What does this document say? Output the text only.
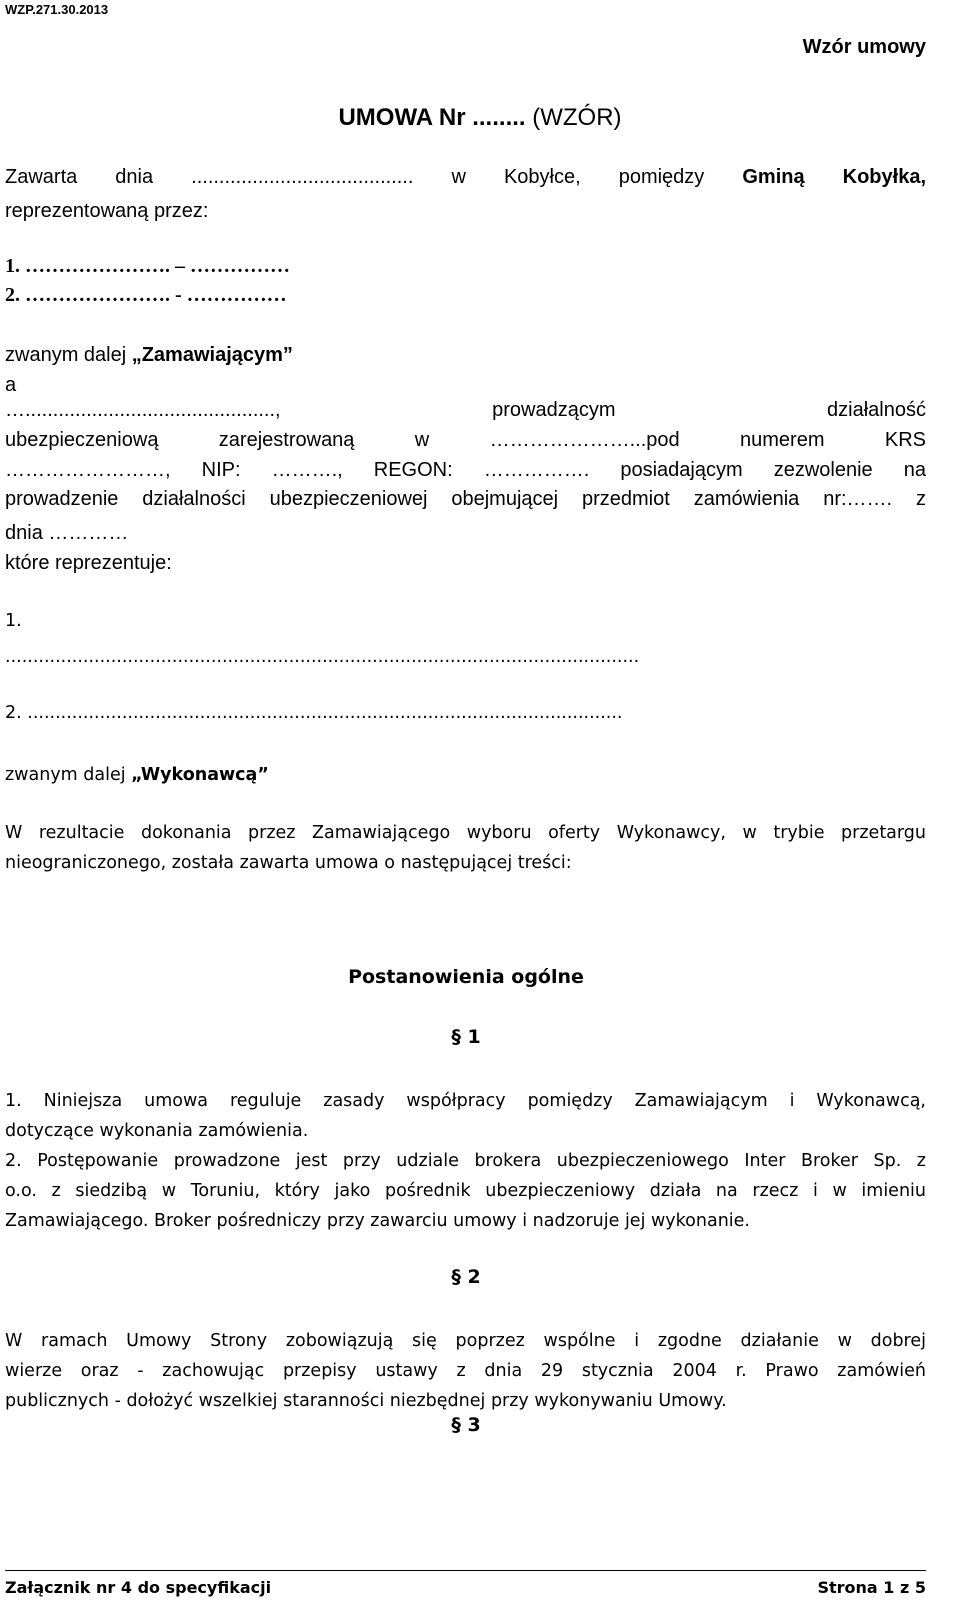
WZP.271.30.2013
Wzór umowy
UMOWA Nr ........ (WZÓR)
Zawarta dnia ........................................ w Kobyłce, pomiędzy Gminą Kobyłka,
reprezentowaną przez:
1. …………………. – ……………
2. …………………. - ……………
zwanym dalej „Zamawiającym”
a
…............................................., prowadzącym działalność
ubezpieczeniową zarejestrowaną w …………………...pod numerem KRS
……………………, NIP: ………., REGON: ……………. posiadającym zezwolenie na
prowadzenie działalności ubezpieczeniowej obejmującej przedmiot zamówienia nr:……. z
dnia …………
które reprezentuje:
1.
..................................................................................................................
2. ...........................................................................................................
zwanym dalej „Wykonawcą”
W rezultacie dokonania przez Zamawiającego wyboru oferty Wykonawcy, w trybie przetargu
nieograniczonego, została zawarta umowa o następującej treści:
Postanowienia ogólne
§ 1
1. Niniejsza umowa reguluje zasady współpracy pomiędzy Zamawiającym i Wykonawcą,
dotyczące wykonania zamówienia.
2. Postępowanie prowadzone jest przy udziale brokera ubezpieczeniowego Inter Broker Sp. z
o.o. z siedzibą w Toruniu, który jako pośrednik ubezpieczeniowy działa na rzecz i w imieniu
Zamawiającego. Broker pośredniczy przy zawarciu umowy i nadzoruje jej wykonanie.
§ 2
W ramach Umowy Strony zobowiązują się poprzez wspólne i zgodne działanie w dobrej
wierze oraz - zachowując przepisy ustawy z dnia 29 stycznia 2004 r. Prawo zamówień
publicznych - dołożyć wszelkiej staranności niezbędnej przy wykonywaniu Umowy.
§ 3
Załącznik nr 4 do specyfikacji	Strona 1 z 5
